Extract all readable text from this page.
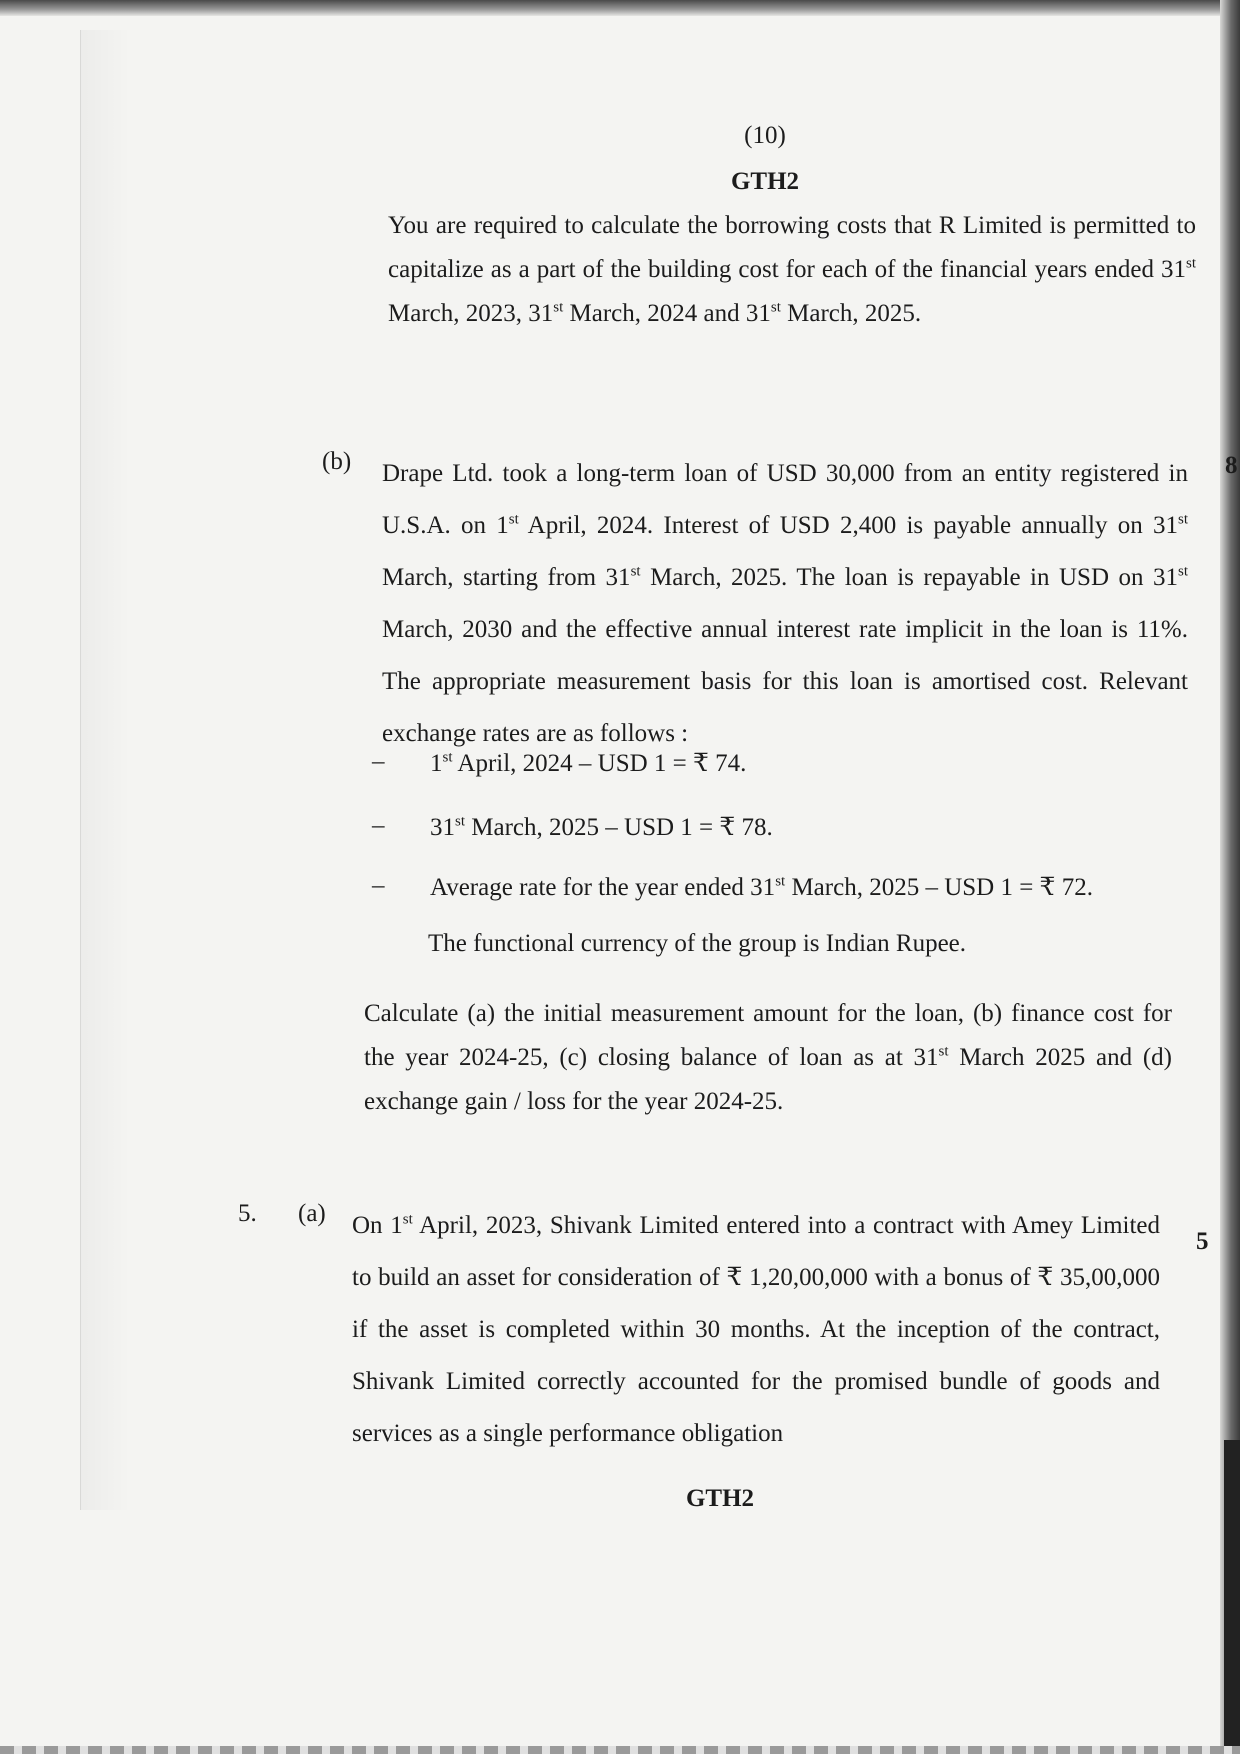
(10)
GTH2

You are required to calculate the borrowing costs that R Limited is permitted to capitalize as a part of the building cost for each of the financial years ended 31st March, 2023, 31st March, 2024 and 31st March, 2025.

(b)	8

Drape Ltd. took a long-term loan of USD 30,000 from an entity registered in U.S.A. on 1st April, 2024. Interest of USD 2,400 is payable annually on 31st March, starting from 31st March, 2025. The loan is repayable in USD on 31st March, 2030 and the effective annual interest rate implicit in the loan is 11%. The appropriate measurement basis for this loan is amortised cost. Relevant exchange rates are as follows :

– 1st April, 2024 – USD 1 = ₹ 74.
– 31st March, 2025 – USD 1 = ₹ 78.
– Average rate for the year ended 31st March, 2025 – USD 1 = ₹ 72.
The functional currency of the group is Indian Rupee.

Calculate (a) the initial measurement amount for the loan, (b) finance cost for the year 2024-25, (c) closing balance of loan as at 31st March 2025 and (d) exchange gain / loss for the year 2024-25.

5. (a)
5

On 1st April, 2023, Shivank Limited entered into a contract with Amey Limited to build an asset for consideration of ₹ 1,20,00,000 with a bonus of ₹ 35,00,000 if the asset is completed within 30 months. At the inception of the contract, Shivank Limited correctly accounted for the promised bundle of goods and services as a single performance obligation

GTH2
